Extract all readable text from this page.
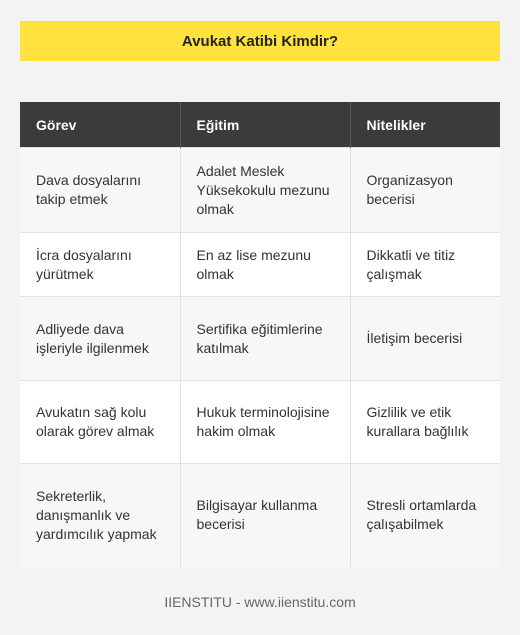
Avukat Katibi Kimdir?
Görev	Eğitim	Nitelikler
Dava dosyalarını takip etmek	Adalet Meslek Yüksekokulu mezunu olmak	Organizasyon becerisi
İcra dosyalarını yürütmek	En az lise mezunu olmak	Dikkatli ve titiz çalışmak
Adliyede dava işleriyle ilgilenmek	Sertifika eğitimlerine katılmak	İletişim becerisi
Avukatın sağ kolu olarak görev almak	Hukuk terminolojisine hakim olmak	Gizlilik ve etik kurallara bağlılık
Sekreterlik, danışmanlık ve yardımcılık yapmak	Bilgisayar kullanma becerisi	Stresli ortamlarda çalışabilmek
IIENSTITU - www.iienstitu.com
